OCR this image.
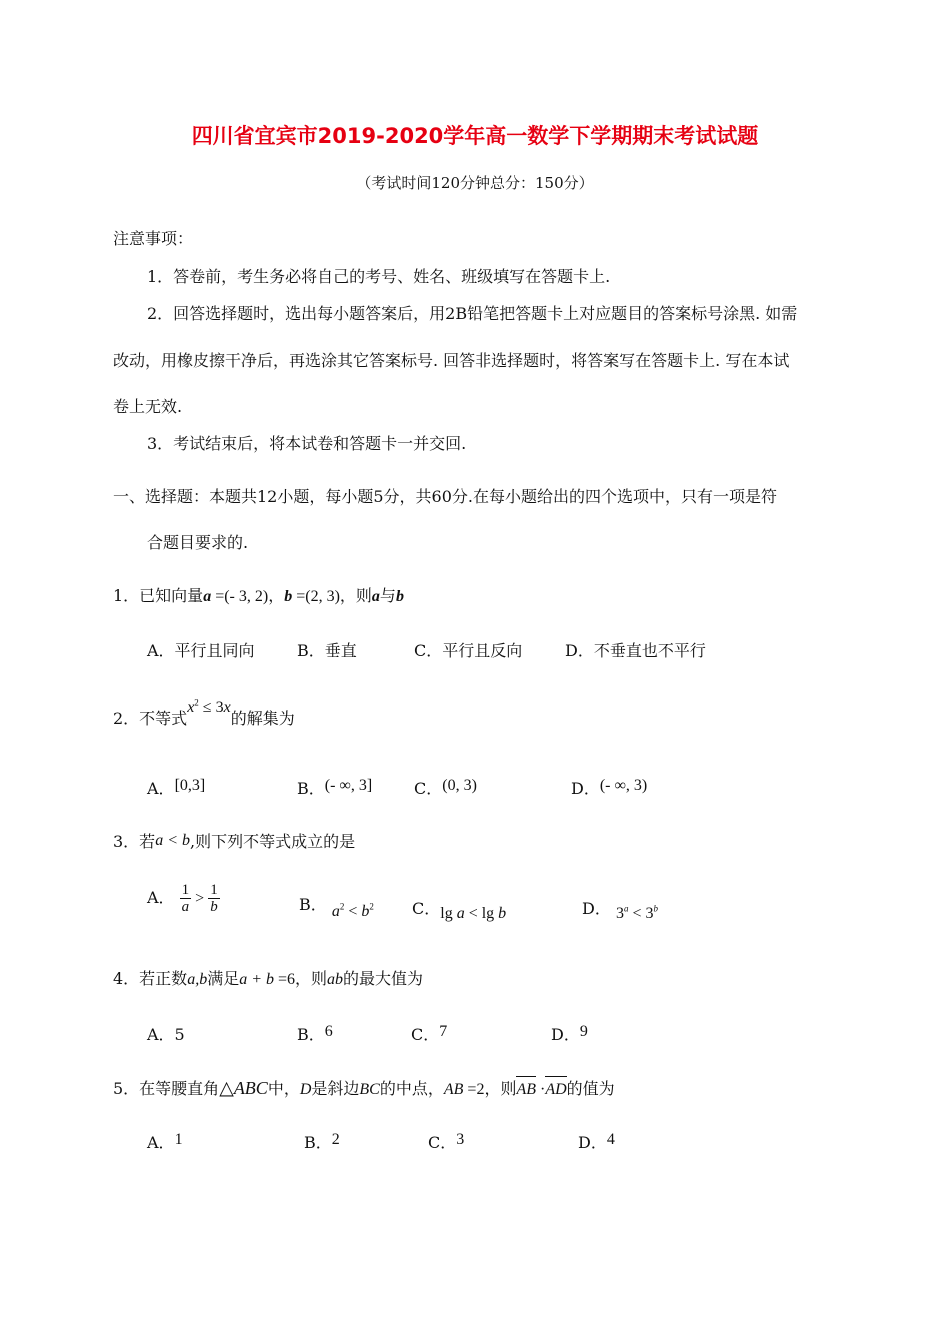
四川省宜宾市2019-2020学年高一数学下学期期末考试试题
（考试时间120分钟总分：150分）
注意事项：
1．答卷前，考生务必将自己的考号、姓名、班级填写在答题卡上.
2．回答选择题时，选出每小题答案后，用2B铅笔把答题卡上对应题目的答案标号涂黑. 如需
改动，用橡皮擦干净后，再选涂其它答案标号. 回答非选择题时，将答案写在答题卡上. 写在本试
卷上无效.
3．考试结束后，将本试卷和答题卡一并交回.
一、选择题：本题共12小题，每小题5分，共60分.在每小题给出的四个选项中，只有一项是符
合题目要求的.
1．已知向量a =(- 3, 2)，b =(2, 3)，则a与b
A．平行且同向	B．垂直	C．平行且反向	D．不垂直也不平行
2．不等式$x^2 \le 3x$的解集为
A．[0,3]	B．(- ∞, 3]	C．(0, 3)	D．(- ∞, 3)
3．若a < b,则下列不等式成立的是
A． $\frac{1}{a} > \frac{1}{b}$	B． $a^2 < b^2$ C．lg a < lg b	D． $3^a < 3^b$
4．若正数a,b满足a + b =6，则ab的最大值为
A．5	B．6	C．7	D．9
5．在等腰直角△ABC中，D是斜边BC的中点，AB =2，则AB ·AD的值为
A．1	B．2	C．3	D．4
